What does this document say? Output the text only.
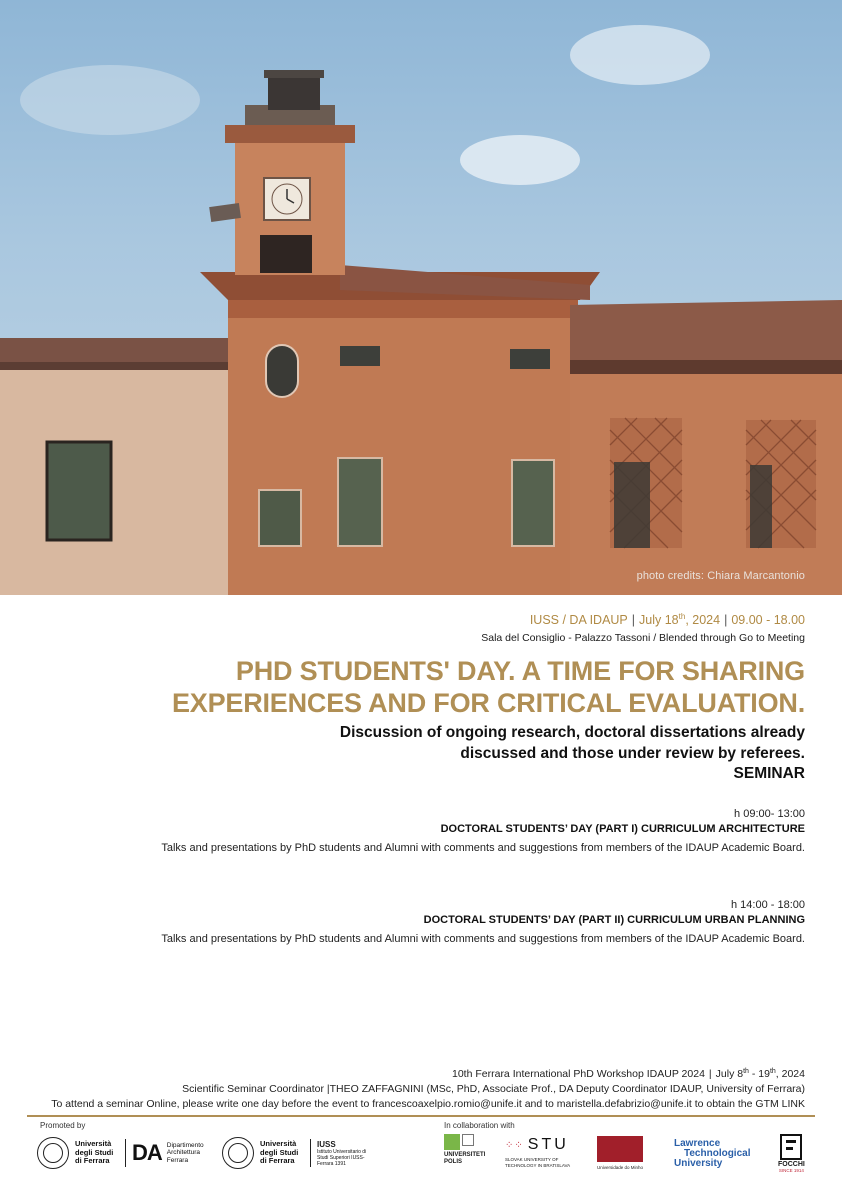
photo credits: Chiara Marcantonio
IUSS / DA IDAUP | July 18th, 2024 | 09.00 - 18.00
Sala del Consiglio - Palazzo Tassoni / Blended through Go to Meeting
PHD STUDENTS' DAY. A TIME FOR SHARING
EXPERIENCES AND FOR CRITICAL EVALUATION.
Discussion of ongoing research, doctoral dissertations already
discussed and those under review by referees.
SEMINAR
h 09:00- 13:00
DOCTORAL STUDENTS’ DAY (PART I) CURRICULUM ARCHITECTURE
Talks and presentations by PhD students and Alumni with comments and suggestions from members of the IDAUP Academic Board.
h 14:00 - 18:00
DOCTORAL STUDENTS’ DAY (PART II) CURRICULUM URBAN PLANNING
Talks and presentations by PhD students and Alumni with comments and suggestions from members of the IDAUP Academic Board.
10th Ferrara International PhD Workshop IDAUP 2024 | July 8th - 19th, 2024
Scientific Seminar Coordinator |THEO ZAFFAGNINI (MSc, PhD, Associate Prof., DA Deputy Coordinator IDAUP, University of Ferrara)
To attend a seminar Online, please write one day before the event to francescoaxelpio.romio@unife.it and to maristella.defabrizio@unife.it to obtain the GTM LINK
Promoted by	In collaboration with
Università degli Studi di Ferrara	DA Dipartimento Architettura Ferrara
Università degli Studi di Ferrara
IUSS
Istituto Universitario di Studi Superiori IUSS-Ferrara 1391
UNIVERSITETI POLIS
⁘⁘ STU
SLOVAK UNIVERSITY OF TECHNOLOGY IN BRATISLAVA	Universidade do Minho
Lawrence
Technological
University	FOCCHI
SINCE 1914
